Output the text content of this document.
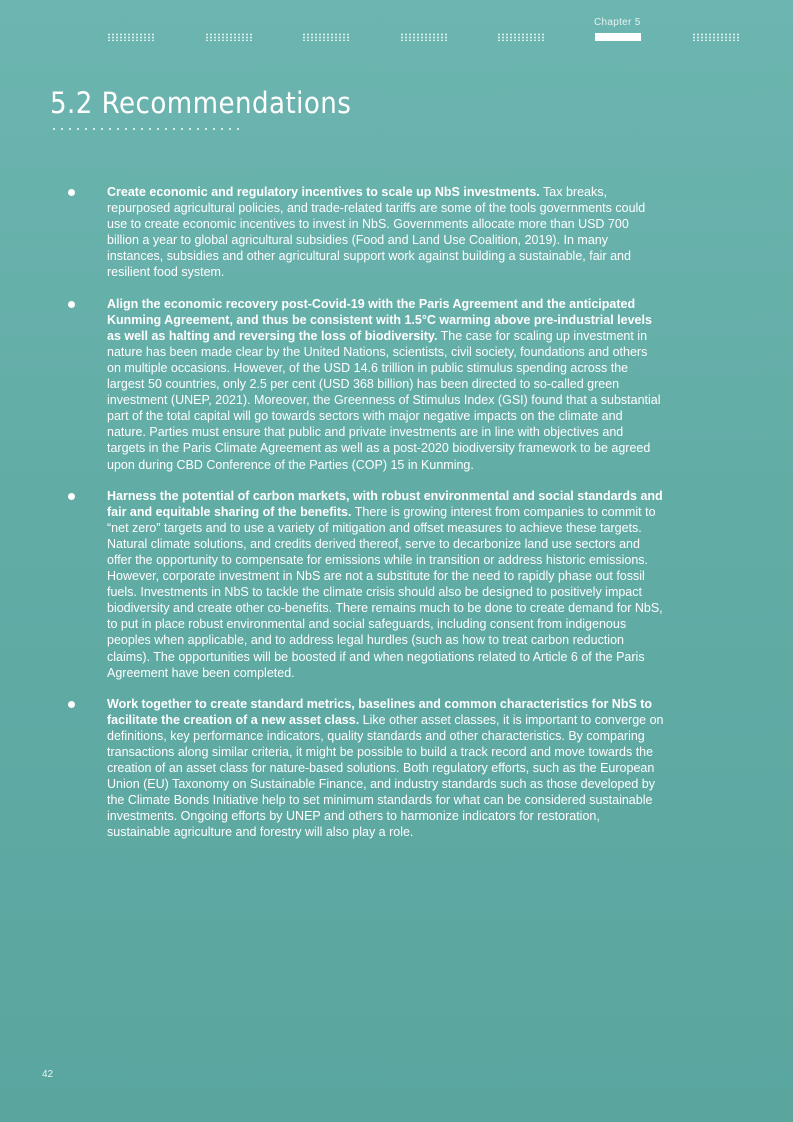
Chapter 5
5.2 Recommendations
Create economic and regulatory incentives to scale up NbS investments. Tax breaks, repurposed agricultural policies, and trade-related tariffs are some of the tools governments could use to create economic incentives to invest in NbS. Governments allocate more than USD 700 billion a year to global agricultural subsidies (Food and Land Use Coalition, 2019). In many instances, subsidies and other agricultural support work against building a sustainable, fair and resilient food system.
Align the economic recovery post-Covid-19 with the Paris Agreement and the anticipated Kunming Agreement, and thus be consistent with 1.5°C warming above pre-industrial levels as well as halting and reversing the loss of biodiversity. The case for scaling up investment in nature has been made clear by the United Nations, scientists, civil society, foundations and others on multiple occasions. However, of the USD 14.6 trillion in public stimulus spending across the largest 50 countries, only 2.5 per cent (USD 368 billion) has been directed to so-called green investment (UNEP, 2021). Moreover, the Greenness of Stimulus Index (GSI) found that a substantial part of the total capital will go towards sectors with major negative impacts on the climate and nature. Parties must ensure that public and private investments are in line with objectives and targets in the Paris Climate Agreement as well as a post-2020 biodiversity framework to be agreed upon during CBD Conference of the Parties (COP) 15 in Kunming.
Harness the potential of carbon markets, with robust environmental and social standards and fair and equitable sharing of the benefits. There is growing interest from companies to commit to “net zero” targets and to use a variety of mitigation and offset measures to achieve these targets. Natural climate solutions, and credits derived thereof, serve to decarbonize land use sectors and offer the opportunity to compensate for emissions while in transition or address historic emissions. However, corporate investment in NbS are not a substitute for the need to rapidly phase out fossil fuels. Investments in NbS to tackle the climate crisis should also be designed to positively impact biodiversity and create other co-benefits. There remains much to be done to create demand for NbS, to put in place robust environmental and social safeguards, including consent from indigenous peoples when applicable, and to address legal hurdles (such as how to treat carbon reduction claims). The opportunities will be boosted if and when negotiations related to Article 6 of the Paris Agreement have been completed.
Work together to create standard metrics, baselines and common characteristics for NbS to facilitate the creation of a new asset class. Like other asset classes, it is important to converge on definitions, key performance indicators, quality standards and other characteristics. By comparing transactions along similar criteria, it might be possible to build a track record and move towards the creation of an asset class for nature-based solutions. Both regulatory efforts, such as the European Union (EU) Taxonomy on Sustainable Finance, and industry standards such as those developed by the Climate Bonds Initiative help to set minimum standards for what can be considered sustainable investments. Ongoing efforts by UNEP and others to harmonize indicators for restoration, sustainable agriculture and forestry will also play a role.
42
